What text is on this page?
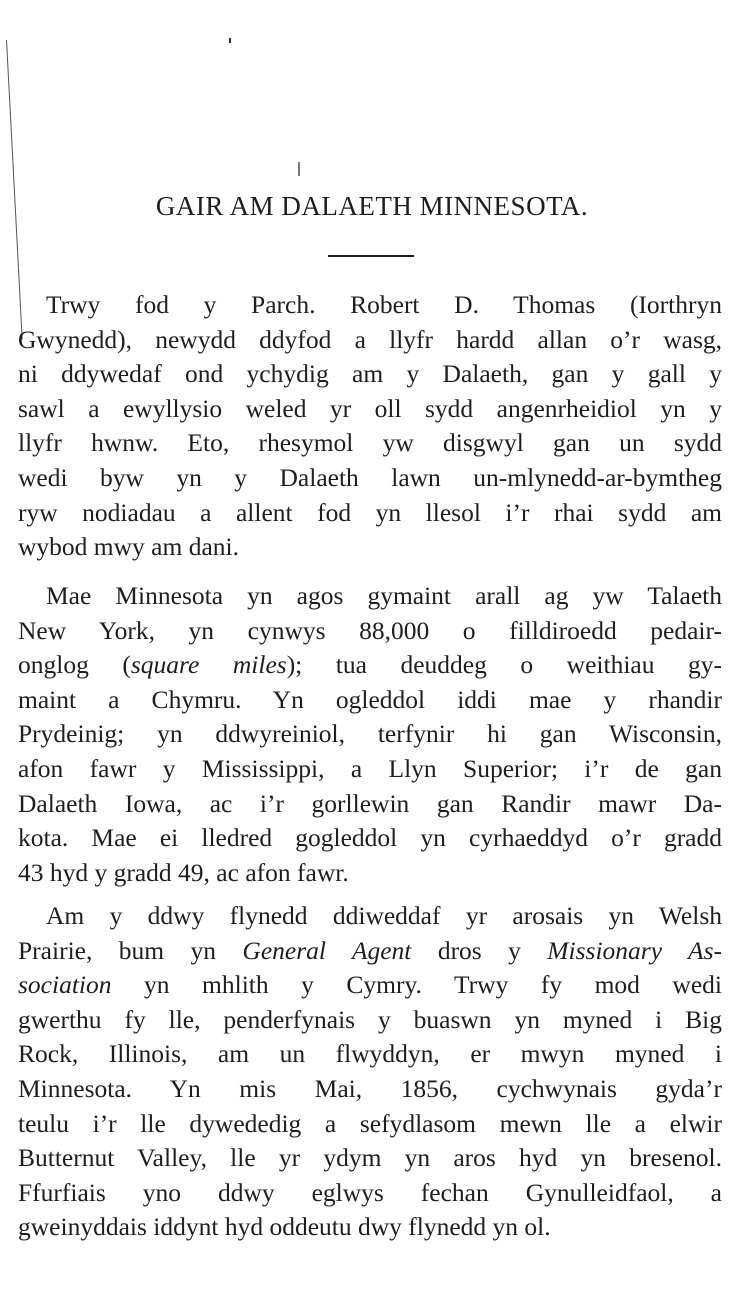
GAIR AM DALAETH MINNESOTA.
Trwy fod y Parch. Robert D. Thomas (Iorthryn
Gwynedd), newydd ddyfod a llyfr hardd allan o’r wasg,
ni ddywedaf ond ychydig am y Dalaeth, gan y gall y
sawl a ewyllysio weled yr oll sydd angenrheidiol yn y
llyfr hwnw. Eto, rhesymol yw disgwyl gan un sydd
wedi byw yn y Dalaeth lawn un-mlynedd-ar-bymtheg
ryw nodiadau a allent fod yn llesol i’r rhai sydd am
wybod mwy am dani.
Mae Minnesota yn agos gymaint arall ag yw Talaeth
New York, yn cynwys 88,000 o filldiroedd pedair-
onglog (square miles); tua deuddeg o weithiau gy-
maint a Chymru. Yn ogleddol iddi mae y rhandir
Prydeinig; yn ddwyreiniol, terfynir hi gan Wisconsin,
afon fawr y Mississippi, a Llyn Superior; i’r de gan
Dalaeth Iowa, ac i’r gorllewin gan Randir mawr Da-
kota. Mae ei lledred gogleddol yn cyrhaeddyd o’r gradd
43 hyd y gradd 49, ac afon fawr.
Am y ddwy flynedd ddiweddaf yr arosais yn Welsh
Prairie, bum yn General Agent dros y Missionary As-
sociation yn mhlith y Cymry. Trwy fy mod wedi
gwerthu fy lle, penderfynais y buaswn yn myned i Big
Rock, Illinois, am un flwyddyn, er mwyn myned i
Minnesota. Yn mis Mai, 1856, cychwynais gyda’r
teulu i’r lle dywededig a sefydlasom mewn lle a elwir
Butternut Valley, lle yr ydym yn aros hyd yn bresenol.
Ffurfiais yno ddwy eglwys fechan Gynulleidfaol, a
gweinyddais iddynt hyd oddeutu dwy flynedd yn ol.
